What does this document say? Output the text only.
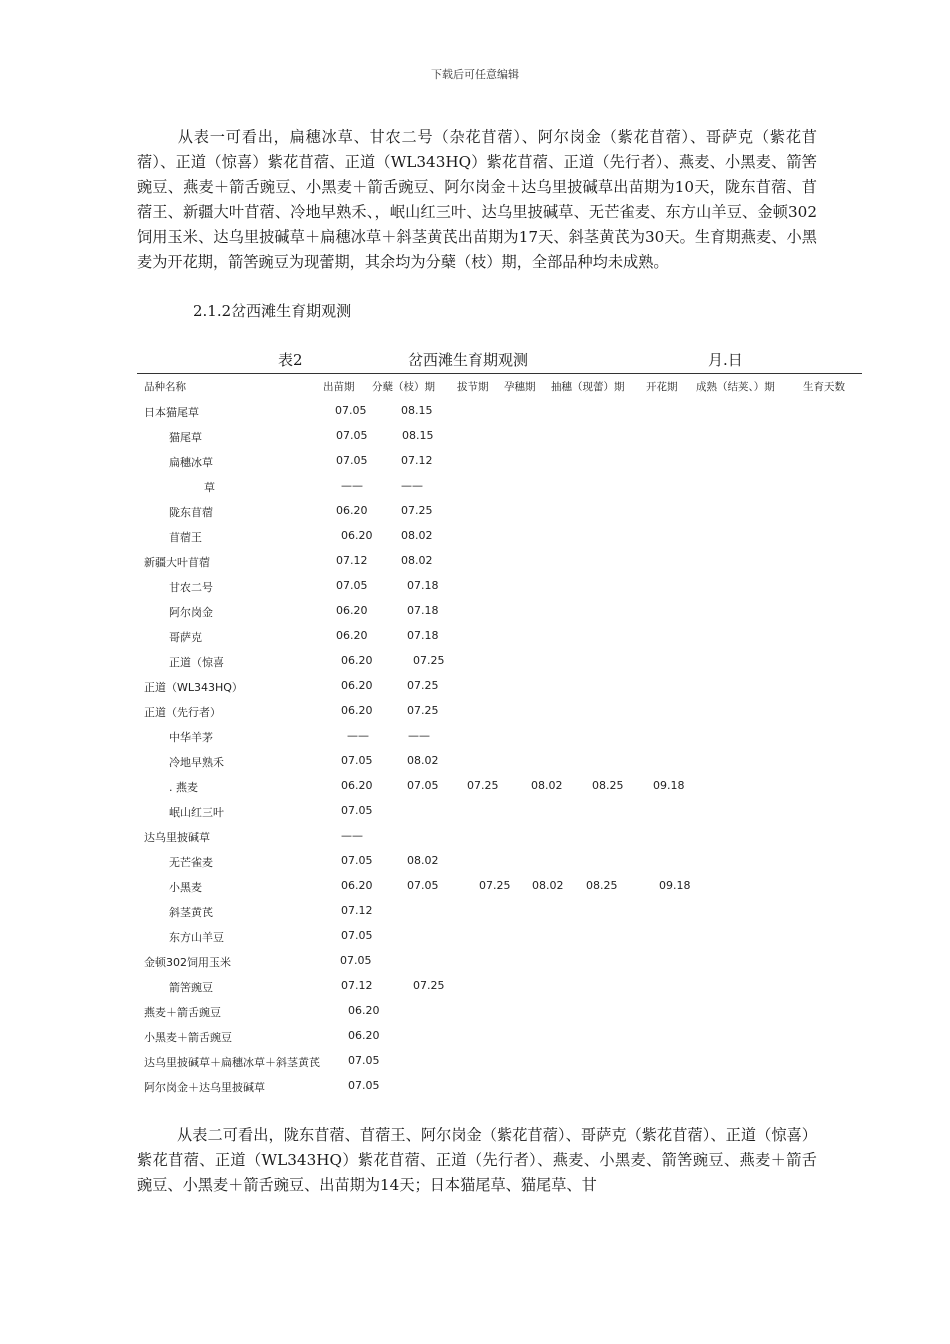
下载后可任意编辑

从表一可看出，扁穗冰草、甘农二号（杂花苜蓿）、阿尔岗金（紫花苜蓿）、哥萨克（紫花苜蓿）、正道（惊喜）紫花苜蓿、正道（WL343HQ）紫花苜蓿、正道（先行者）、燕麦、小黑麦、箭筈豌豆、燕麦＋箭舌豌豆、小黑麦＋箭舌豌豆、阿尔岗金＋达乌里披碱草出苗期为10天，陇东苜蓿、苜蓿王、新疆大叶苜蓿、冷地早熟禾、，岷山红三叶、达乌里披碱草、无芒雀麦、东方山羊豆、金顿302饲用玉米、达乌里披碱草＋扁穗冰草＋斜茎黄芪出苗期为17天、斜茎黄芪为30天。生育期燕麦、小黑麦为开花期，箭筈豌豆为现蕾期，其余均为分蘖（枝）期，全部品种均未成熟。

2.1.2岔西滩生育期观测
表2	岔西滩生育期观测	月.日
品种名称	出苗期 分蘖（枝）期 拔节期 孕穗期 抽穗（现蕾）期 开花期 成熟（结荚、）期	生育天数
日本猫尾草	07.05	08.15
猫尾草	07.05	08.15
扁穗冰草	07.05	07.12
草	——	——
陇东苜蓿	06.20	07.25
苜蓿王	06.20	08.02
新疆大叶苜蓿	07.12	08.02
甘农二号	07.05	07.18
阿尔岗金	06.20	07.18
哥萨克	06.20	07.18
正道（惊喜	06.20	07.25
正道（WL343HQ）	06.20	07.25
正道（先行者）	06.20	07.25
中华羊茅	——	——
冷地早熟禾	07.05	08.02
. 燕麦	06.20	07.05	07.25	08.02	08.25	09.18
岷山红三叶	07.05
达乌里披碱草	——
无芒雀麦	07.05	08.02
小黑麦	06.20	07.05	07.25 08.02 08.25	09.18
斜茎黄芪	07.12
东方山羊豆	07.05
金顿302饲用玉米	07.05
箭筈豌豆	07.12	07.25
燕麦＋箭舌豌豆	06.20
小黑麦＋箭舌豌豆	06.20
达乌里披碱草＋扁穗冰草＋斜茎黄芪	07.05
阿尔岗金＋达乌里披碱草	07.05

从表二可看出，陇东苜蓿、苜蓿王、阿尔岗金（紫花苜蓿）、哥萨克（紫花苜蓿）、正道（惊喜）紫花苜蓿、正道（WL343HQ）紫花苜蓿、正道（先行者）、燕麦、小黑麦、箭筈豌豆、燕麦＋箭舌豌豆、小黑麦＋箭舌豌豆、出苗期为14天；日本猫尾草、猫尾草、甘
